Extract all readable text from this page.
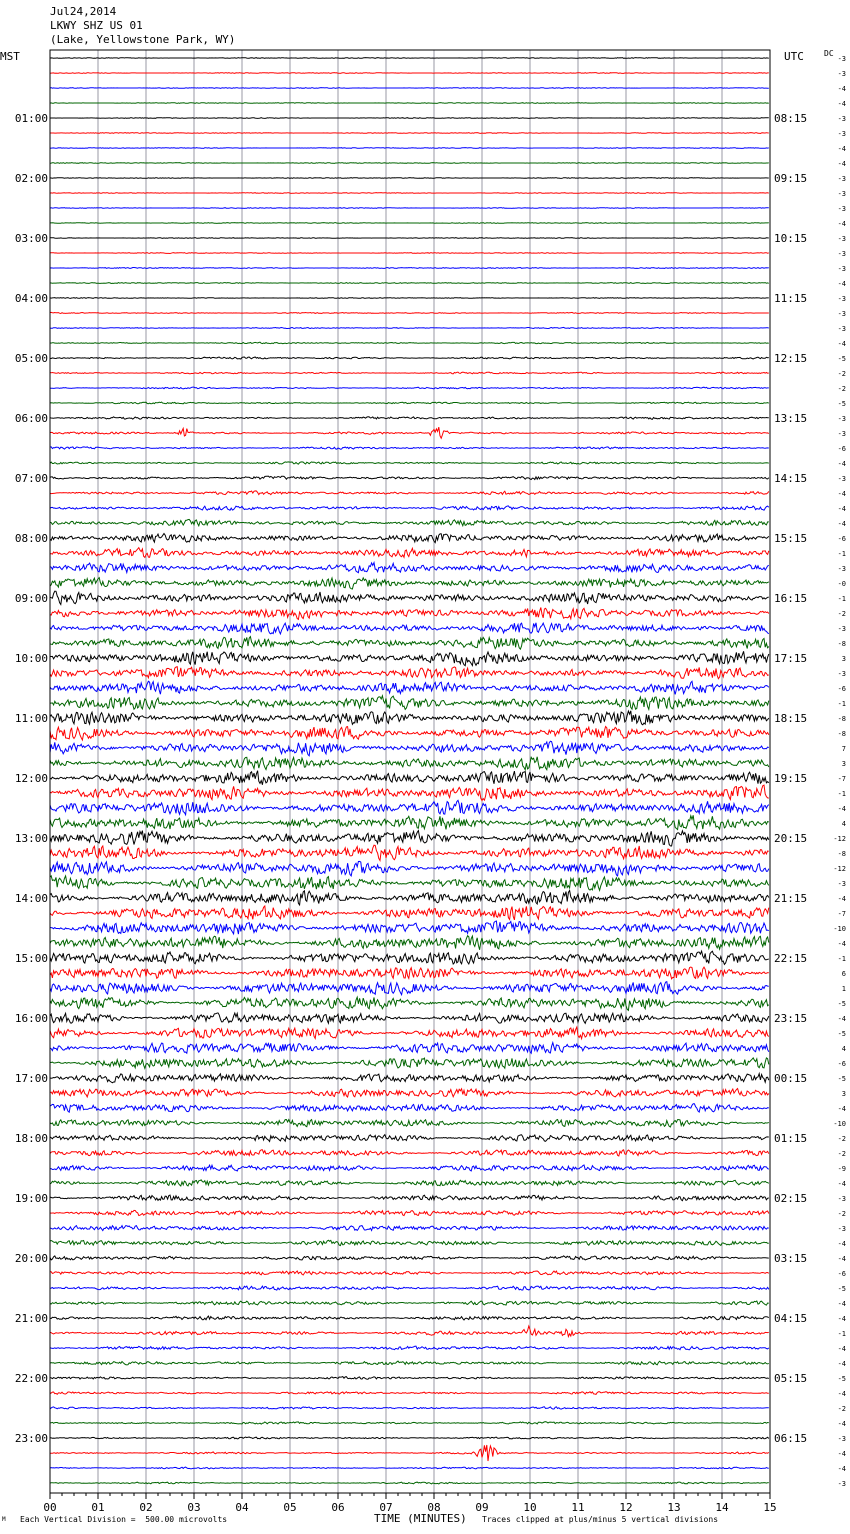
01:00
02:00
03:00
04:00
05:00
06:00
07:00
08:00
09:00
10:00
11:00
12:00
13:00
14:00
15:00
16:00
17:00
18:00
19:00
20:00
21:00
22:00
23:00
08:15
09:15
10:15
11:15
12:15
13:15
14:15
15:15
16:15
17:15
18:15
19:15
20:15
21:15
22:15
23:15
00:15
01:15
02:15
03:15
04:15
05:15
06:15
-3
-3
-4
-4
-3
-3
-4
-4
-3
-3
-3
-4
-3
-3
-3
-4
-3
-3
-3
-4
-5
-2
-2
-5
-3
-3
-6
-4
-3
-4
-4
-4
-6
-1
-3
-0
-1
-2
-3
-8
3
-3
-6
-1
-8
-8
7
3
-7
-1
-4
4
-12
-8
-12
-3
-4
-7
-10
-4
-1
6
1
-5
-4
-5
4
-6
-5
3
-4
-10
-2
-2
-9
-4
-3
-2
-3
-4
-4
-6
-5
-4
-4
-1
-4
-4
-5
-4
-2
-4
-3
-4
-4
-3
00	01	02	03	04	05	06	07	08	09	10	11	12	13	14	15
Jul24,2014
LKWY SHZ US 01
(Lake, Yellowstone Park, WY)
MST	UTC	DC
M Each Vertical Division =  500.00 microvolts	TIME (MINUTES) Traces clipped at plus/minus 5 vertical divisions
